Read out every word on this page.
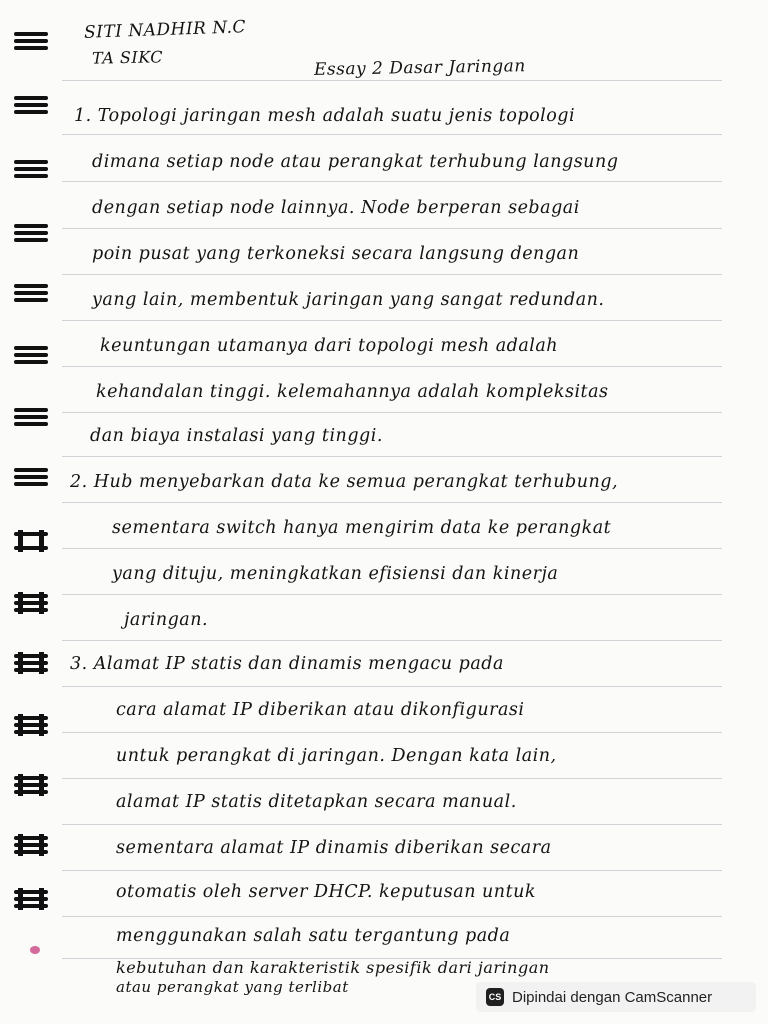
SITI NADHIR N.C
TA SIKC	Essay 2 Dasar Jaringan
1. Topologi jaringan mesh adalah suatu jenis topologi
dimana setiap node atau perangkat terhubung langsung
dengan setiap node lainnya. Node berperan sebagai
poin pusat yang terkoneksi secara langsung dengan
yang lain, membentuk jaringan yang sangat redundan.
keuntungan utamanya dari topologi mesh adalah
kehandalan tinggi. kelemahannya adalah kompleksitas
dan biaya instalasi yang tinggi.
2. Hub menyebarkan data ke semua perangkat terhubung,
sementara switch hanya mengirim data ke perangkat
yang dituju, meningkatkan efisiensi dan kinerja
jaringan.
3. Alamat IP statis dan dinamis mengacu pada
cara alamat IP diberikan atau dikonfigurasi
untuk perangkat di jaringan. Dengan kata lain,
alamat IP statis ditetapkan secara manual.
sementara alamat IP dinamis diberikan secara
otomatis oleh server DHCP. keputusan untuk
menggunakan salah satu tergantung pada
kebutuhan dan karakteristik spesifik dari jaringan
atau perangkat yang terlibat
CS Dipindai dengan CamScanner
